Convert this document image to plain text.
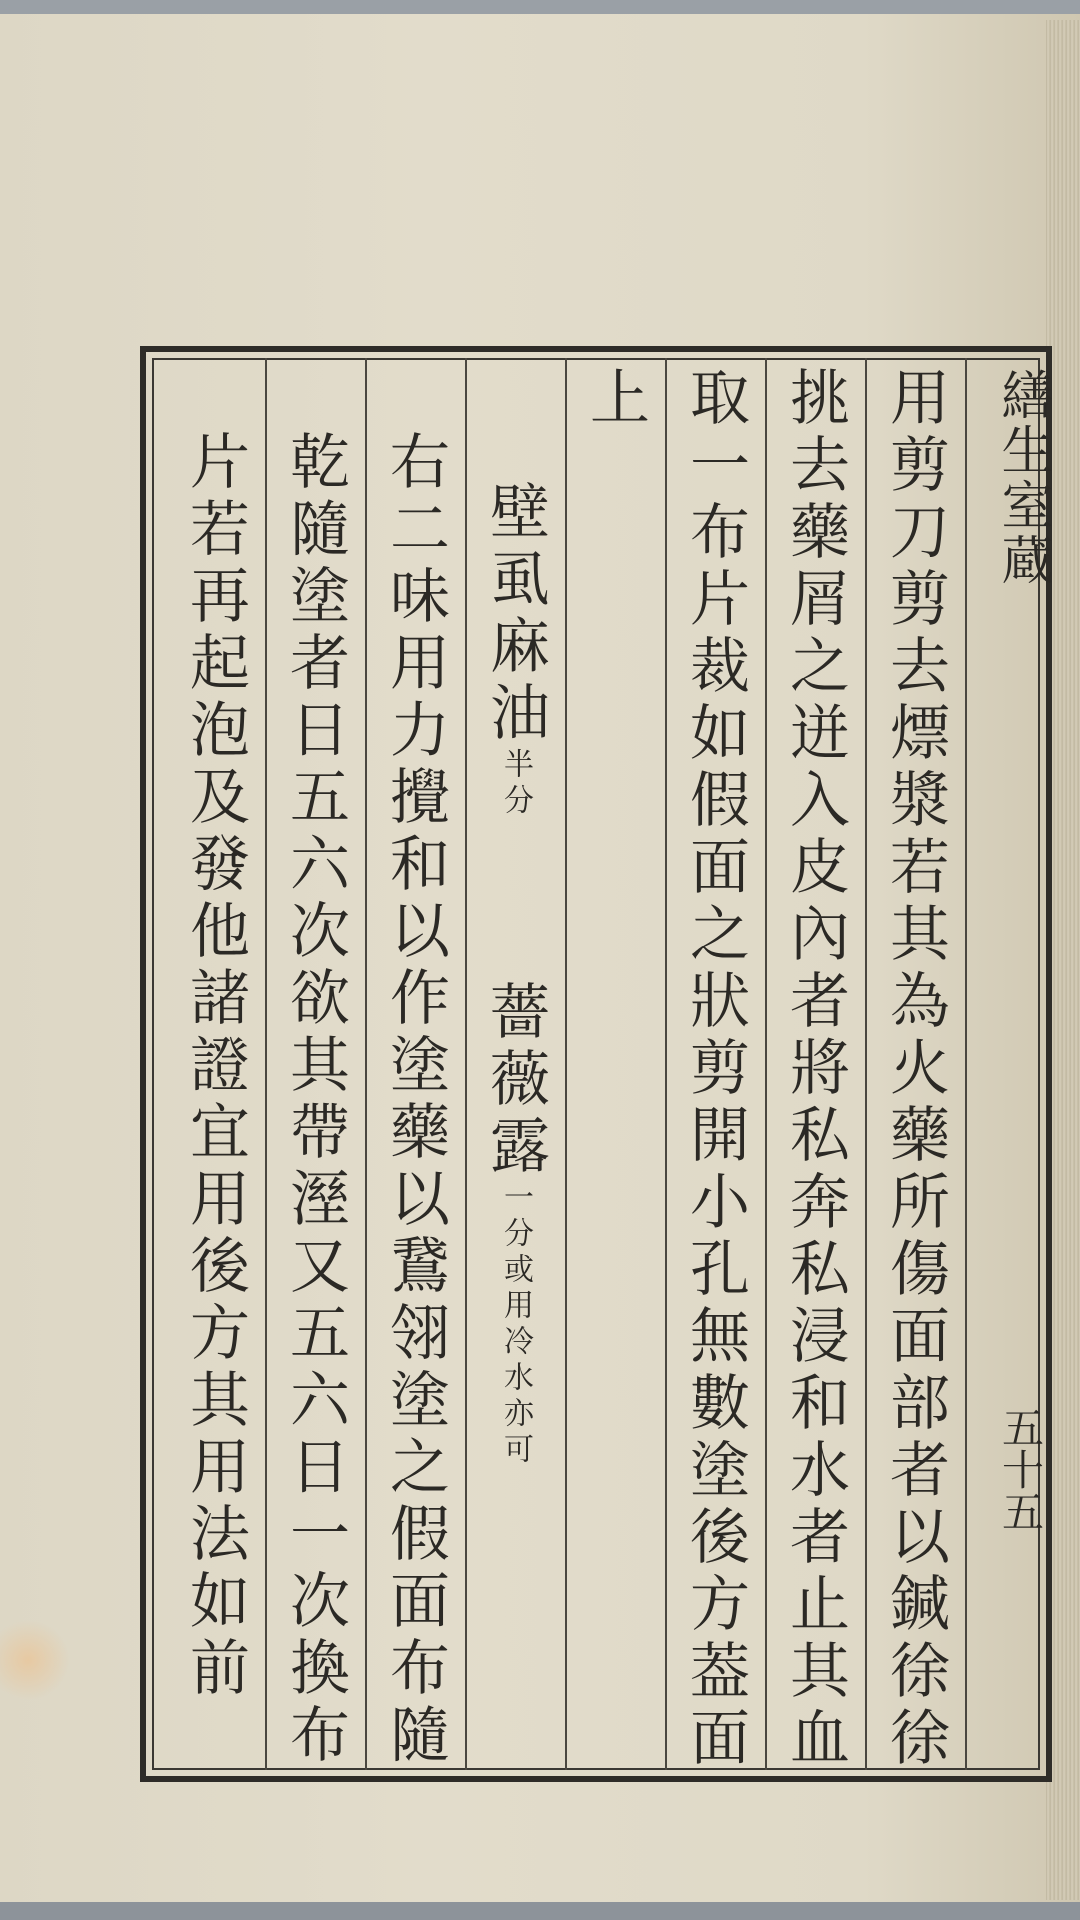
繕生室蔵
五十五
用剪刀剪去熛漿若其為火藥所傷面部者以鍼徐徐
挑去藥屑之迸入皮內者將私奔私浸和水者止其血
取一布片裁如假面之狀剪開小孔無數塗後方葢面
上
壁虱麻油半分
薔薇露一分或用冷水亦可
右二味用力攪和以作塗藥以鵞翎塗之假面布隨
乾隨塗者日五六次欲其帶溼又五六日一次換布
片若再起泡及發他諸證宜用後方其用法如前
